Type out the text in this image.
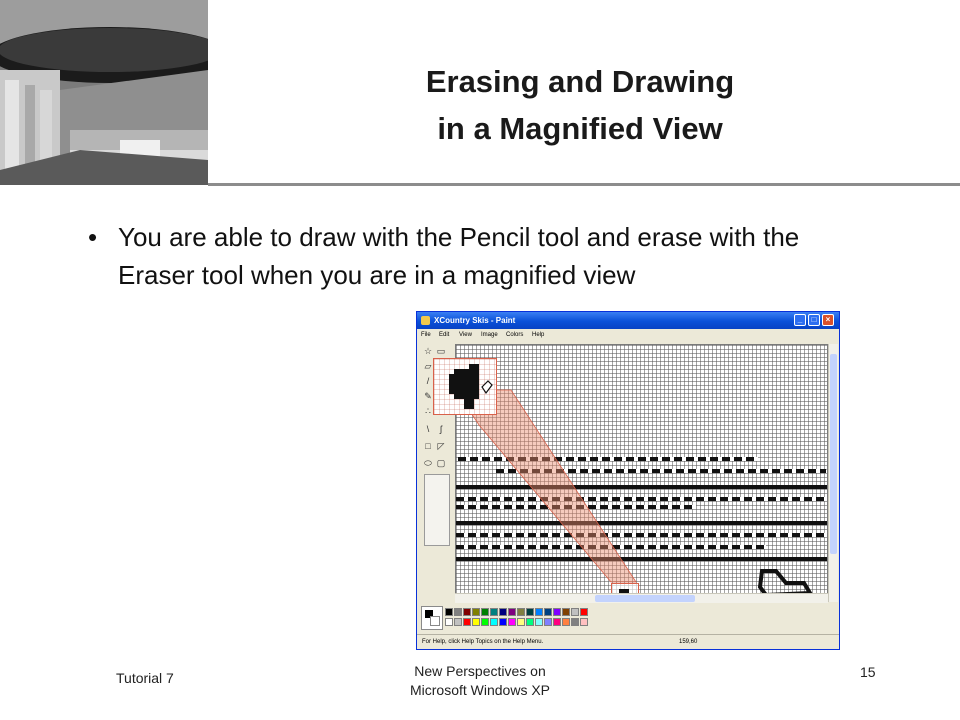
Erasing and Drawing
in a Magnified View
• You are able to draw with the Pencil tool and erase with the Eraser tool when you are in a magnified view
XCountry Skis - Paint	_	□	×
File Edit View Image Colors Help
☆ ▭
▱
/
✎
∴
\	ʃ
□ ◸
⬭ ▢
For Help, click Help Topics on the Help Menu.	159,60
Tutorial 7	New Perspectives on
Microsoft Windows XP
15
